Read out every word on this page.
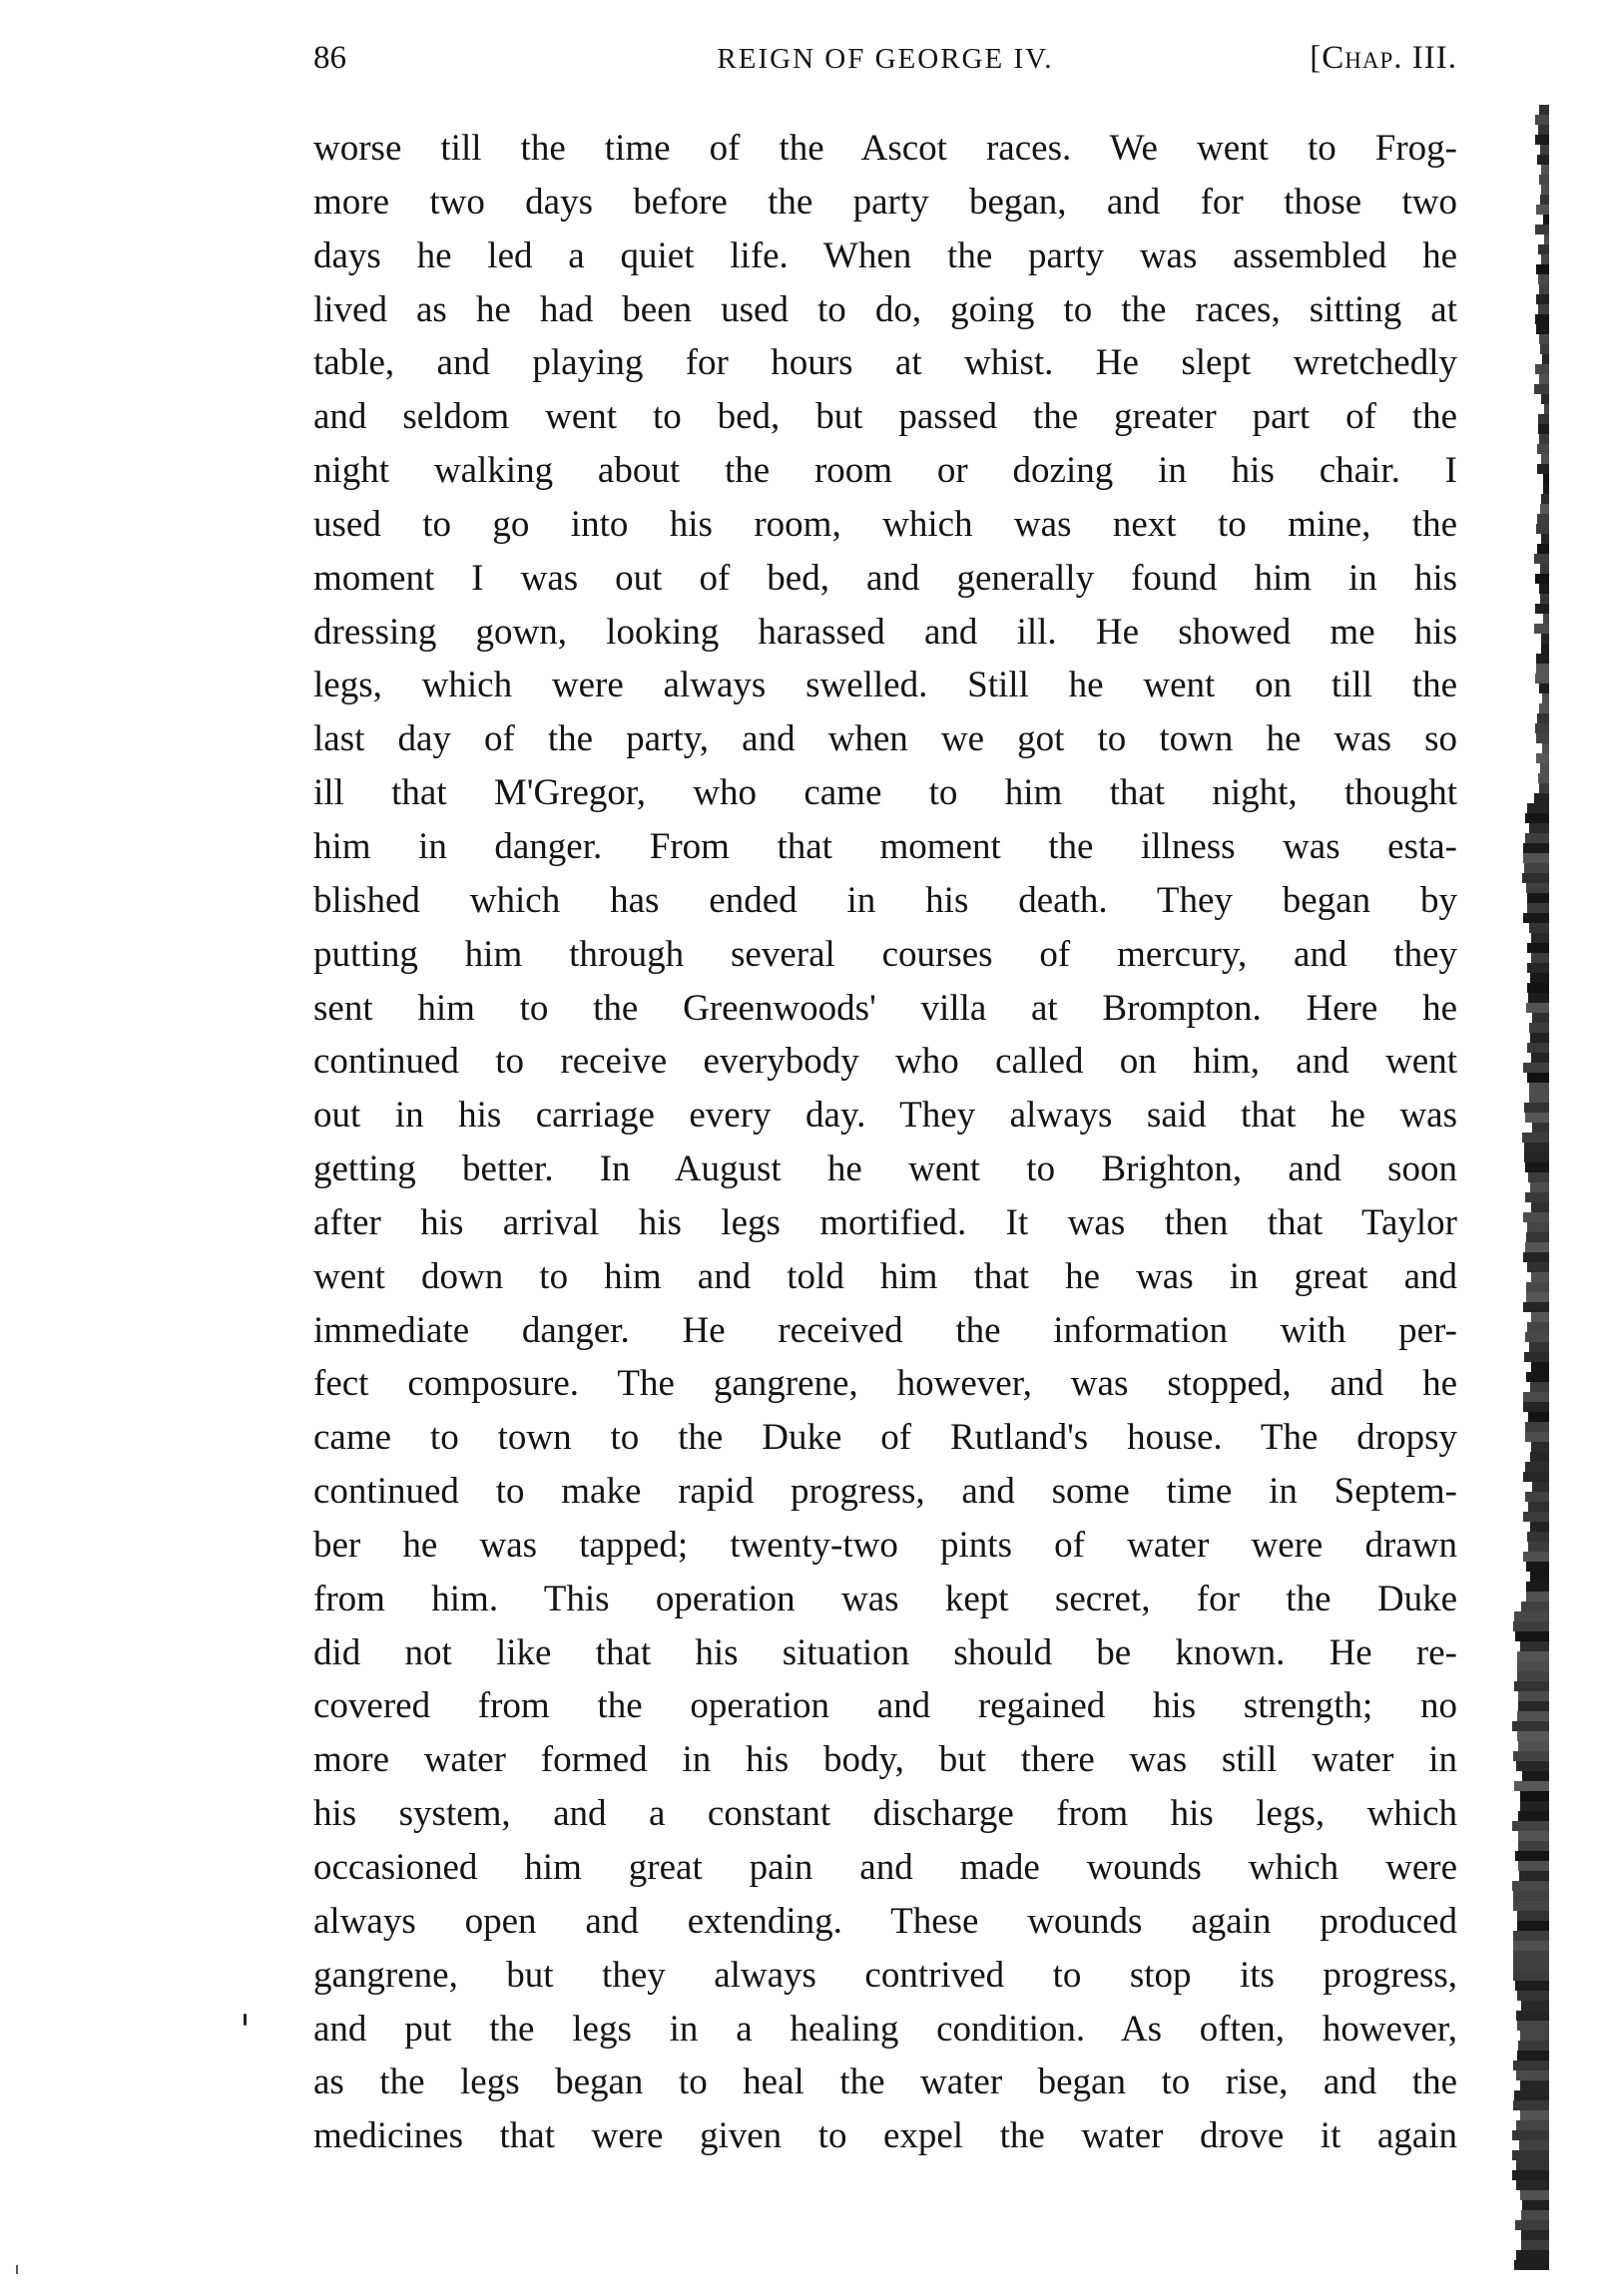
86	REIGN OF GEORGE IV.	[Chap. III.
worse till the time of the Ascot races. We went to Frog-
more two days before the party began, and for those two
days he led a quiet life. When the party was assembled he
lived as he had been used to do, going to the races, sitting at
table, and playing for hours at whist. He slept wretchedly
and seldom went to bed, but passed the greater part of the
night walking about the room or dozing in his chair. I
used to go into his room, which was next to mine, the
moment I was out of bed, and generally found him in his
dressing gown, looking harassed and ill. He showed me his
legs, which were always swelled. Still he went on till the
last day of the party, and when we got to town he was so
ill that M'Gregor, who came to him that night, thought
him in danger. From that moment the illness was esta-
blished which has ended in his death. They began by
putting him through several courses of mercury, and they
sent him to the Greenwoods' villa at Brompton. Here he
continued to receive everybody who called on him, and went
out in his carriage every day. They always said that he was
getting better. In August he went to Brighton, and soon
after his arrival his legs mortified. It was then that Taylor
went down to him and told him that he was in great and
immediate danger. He received the information with per-
fect composure. The gangrene, however, was stopped, and he
came to town to the Duke of Rutland's house. The dropsy
continued to make rapid progress, and some time in Septem-
ber he was tapped; twenty-two pints of water were drawn
from him. This operation was kept secret, for the Duke
did not like that his situation should be known. He re-
covered from the operation and regained his strength; no
more water formed in his body, but there was still water in
his system, and a constant discharge from his legs, which
occasioned him great pain and made wounds which were
always open and extending. These wounds again produced
gangrene, but they always contrived to stop its progress,
and put the legs in a healing condition. As often, however,
as the legs began to heal the water began to rise, and the
medicines that were given to expel the water drove it again
